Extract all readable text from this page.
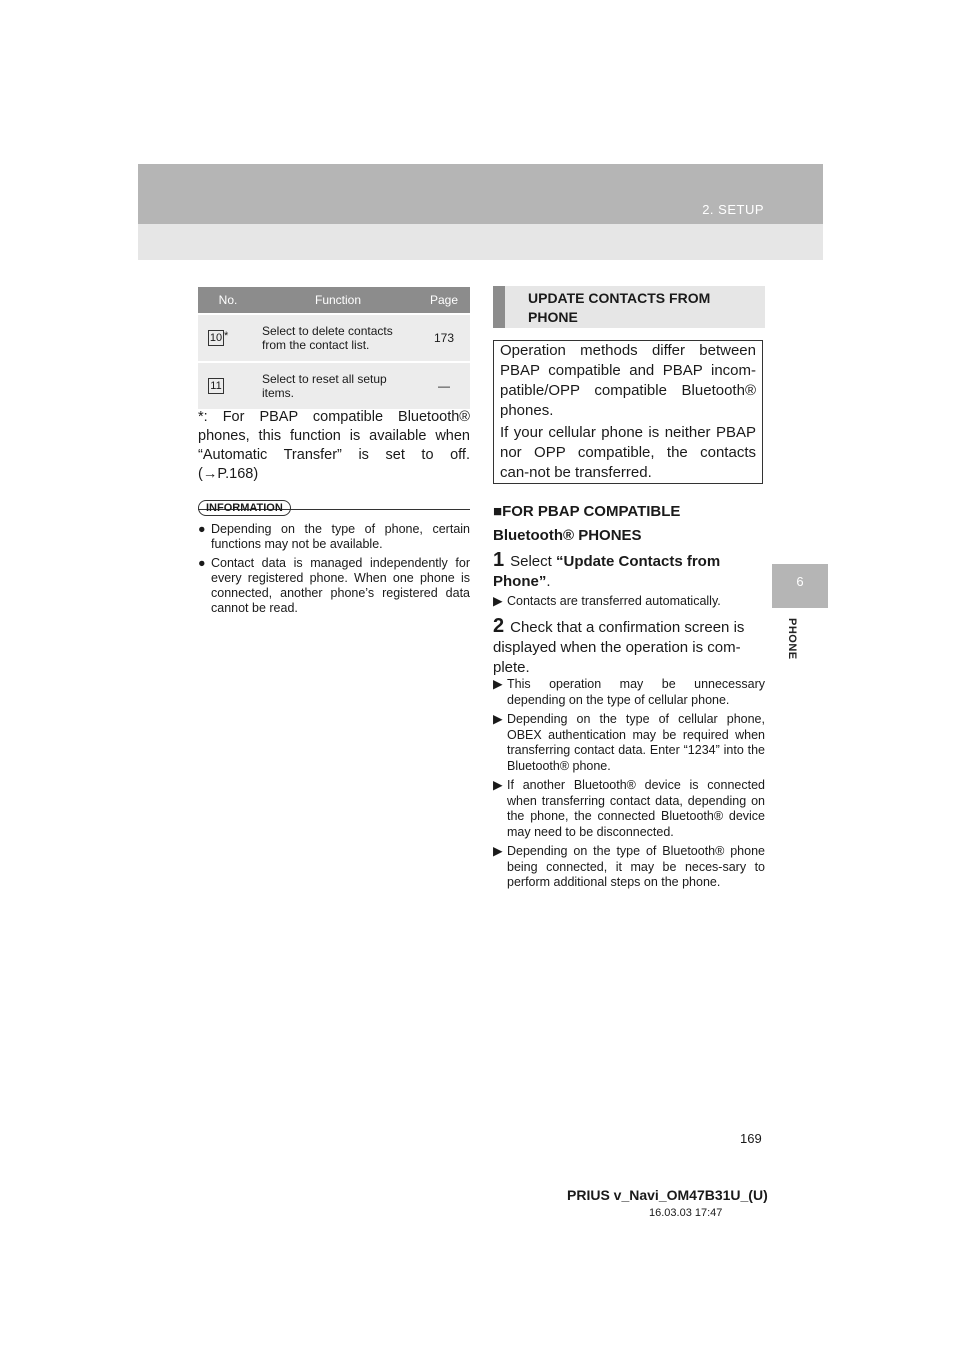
2. SETUP
6
PHONE
No.	Function	Page
10 *	Select to delete contacts from the contact list.	173
11	Select to reset all setup items.	—
*: For PBAP compatible Bluetooth® phones, this function is available when “Automatic Transfer” is set to off. (→P.168)
INFORMATION
● Depending on the type of phone, certain functions may not be available.
● Contact data is managed independently for every registered phone. When one phone is connected, another phone’s registered data cannot be read.
UPDATE CONTACTS FROM PHONE

Operation methods differ between PBAP compatible and PBAP incom-patible/OPP compatible Bluetooth® phones.

If your cellular phone is neither PBAP nor OPP compatible, the contacts can-not be transferred.

■FOR PBAP COMPATIBLE Bluetooth® PHONES
1 Select “Update Contacts from Phone”.
▶ Contacts are transferred automatically.
2 Check that a confirmation screen is displayed when the operation is com-plete.
▶ This operation may be unnecessary depending on the type of cellular phone.
▶ Depending on the type of cellular phone, OBEX authentication may be required when transferring contact data. Enter “1234” into the Bluetooth® phone.
▶ If another Bluetooth® device is connected when transferring contact data, depending on the phone, the connected Bluetooth® device may need to be disconnected.
▶ Depending on the type of Bluetooth® phone being connected, it may be neces-sary to perform additional steps on the phone.
169
PRIUS v_Navi_OM47B31U_(U)
16.03.03 17:47
